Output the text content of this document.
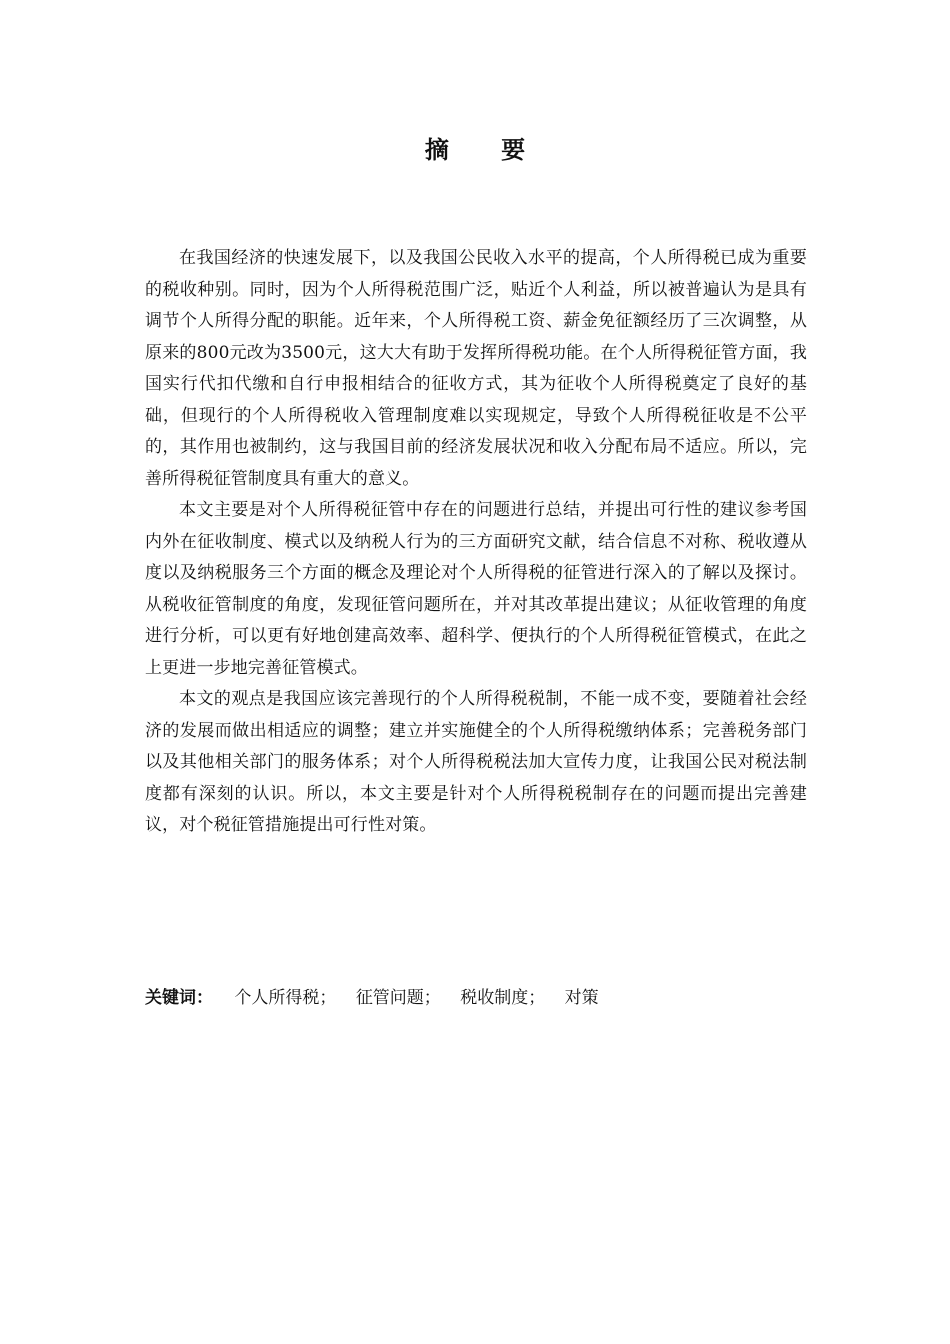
摘 要

在我国经济的快速发展下，以及我国公民收入水平的提高，个人所得税已成为重要的税收种别。同时，因为个人所得税范围广泛，贴近个人利益，所以被普遍认为是具有调节个人所得分配的职能。近年来，个人所得税工资、薪金免征额经历了三次调整，从原来的800元改为3500元，这大大有助于发挥所得税功能。在个人所得税征管方面，我国实行代扣代缴和自行申报相结合的征收方式，其为征收个人所得税奠定了良好的基础，但现行的个人所得税收入管理制度难以实现规定，导致个人所得税征收是不公平的，其作用也被制约，这与我国目前的经济发展状况和收入分配布局不适应。所以，完善所得税征管制度具有重大的意义。

本文主要是对个人所得税征管中存在的问题进行总结，并提出可行性的建议参考国内外在征收制度、模式以及纳税人行为的三方面研究文献，结合信息不对称、税收遵从度以及纳税服务三个方面的概念及理论对个人所得税的征管进行深入的了解以及探讨。从税收征管制度的角度，发现征管问题所在，并对其改革提出建议；从征收管理的角度进行分析，可以更有好地创建高效率、超科学、便执行的个人所得税征管模式，在此之上更进一步地完善征管模式。

本文的观点是我国应该完善现行的个人所得税税制，不能一成不变，要随着社会经济的发展而做出相适应的调整；建立并实施健全的个人所得税缴纳体系；完善税务部门以及其他相关部门的服务体系；对个人所得税税法加大宣传力度，让我国公民对税法制度都有深刻的认识。所以，本文主要是针对个人所得税税制存在的问题而提出完善建议，对个税征管措施提出可行性对策。

关键词： 个人所得税； 征管问题； 税收制度； 对策
